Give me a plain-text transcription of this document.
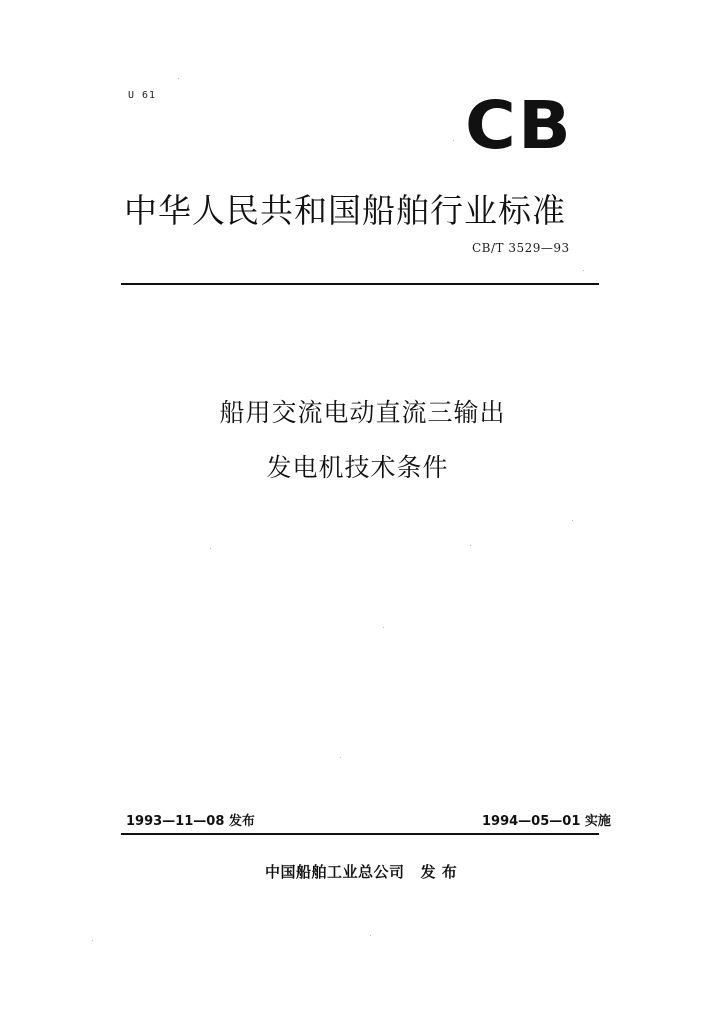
U 61	CB
中华人民共和国船舶行业标准
CB/T 3529—93
船用交流电动直流三输出
发电机技术条件
1993—11—08 发布	1994—05—01 实施
中国船舶工业总公司 发 布
